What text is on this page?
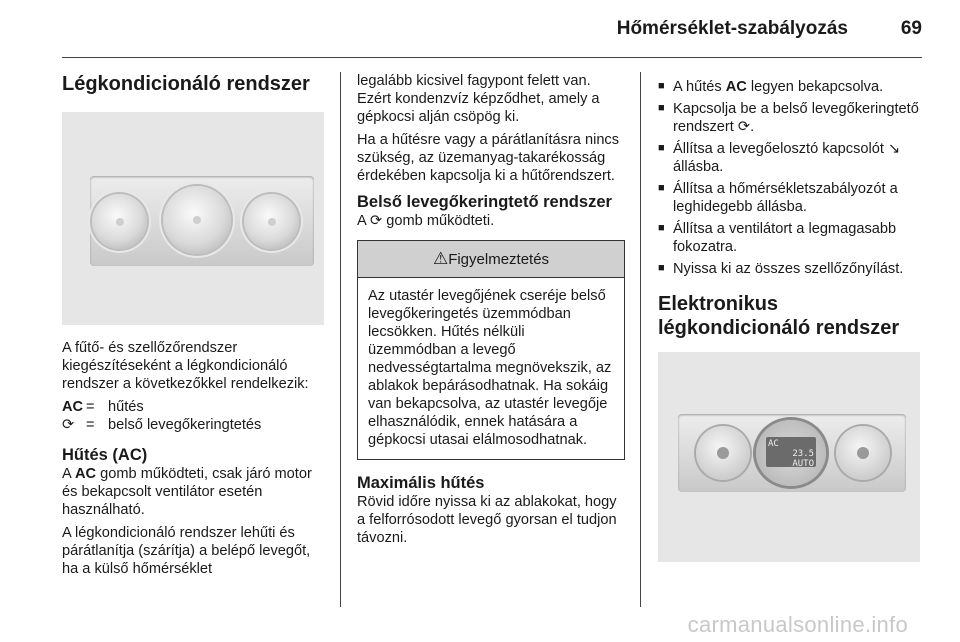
Hőmérséklet-szabályozás	69
Légkondicionáló rendszer

A fűtő- és szellőzőrendszer kiegészítéseként a légkondicionáló rendszer a következőkkel rendelkezik:

AC	=	hűtés
⟳	=	belső levegőkeringtetés
Hűtés (AC)

A AC gomb működteti, csak járó motor és bekapcsolt ventilátor esetén használható.

A légkondicionáló rendszer lehűti és párátlanítja (szárítja) a belépő levegőt, ha a külső hőmérséklet

legalább kicsivel fagypont felett van. Ezért kondenzvíz képződhet, amely a gépkocsi alján csöpög ki.

Ha a hűtésre vagy a párátlanításra nincs szükség, az üzemanyag-takarékosság érdekében kapcsolja ki a hűtőrendszert.

Belső levegőkeringtető rendszer

A ⟳ gomb működteti.

⚠Figyelmeztetés
Az utastér levegőjének cseréje belső levegőkeringetés üzemmódban lecsökken. Hűtés nélküli üzemmódban a levegő nedvességtartalma megnövekszik, az ablakok bepárásodhatnak. Ha sokáig van bekapcsolva, az utastér levegője elhasználódik, ennek hatására a gépkocsi utasai elálmosodhatnak.
Maximális hűtés

Rövid időre nyissa ki az ablakokat, hogy a felforrósodott levegő gyorsan el tudjon távozni.

■ A hűtés AC legyen bekapcsolva.
■ Kapcsolja be a belső levegőkeringtető rendszert ⟳.
■ Állítsa a levegőelosztó kapcsolót ↘ állásba.
■ Állítsa a hőmérsékletszabályozót a leghidegebb állásba.
■ Állítsa a ventilátort a legmagasabb fokozatra.
■ Nyissa ki az összes szellőzőnyílást.
Elektronikus légkondicionáló rendszer
AC
23.5
AUTO
carmanualsonline.info
